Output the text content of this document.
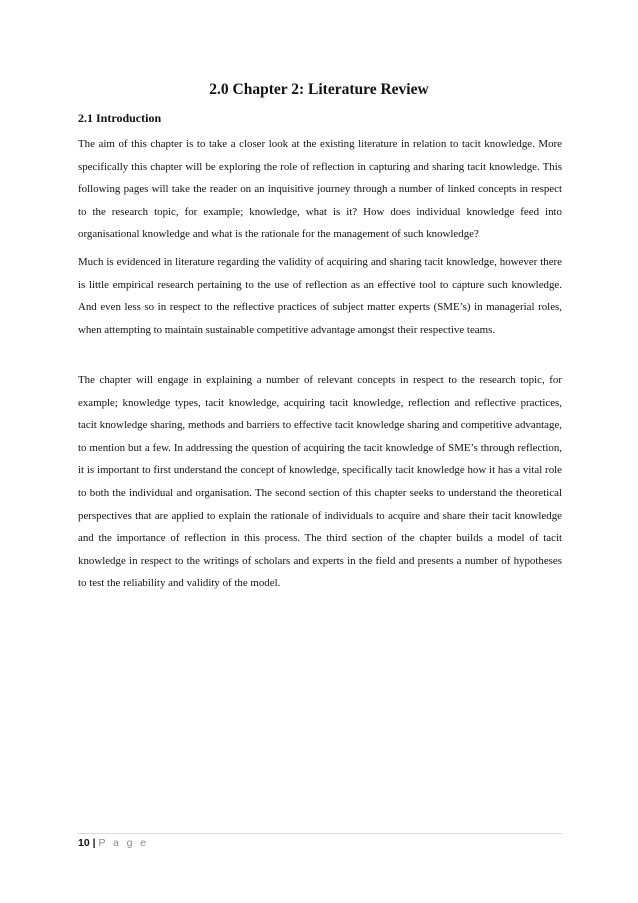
2.0 Chapter 2: Literature Review
2.1 Introduction

The aim of this chapter is to take a closer look at the existing literature in relation to tacit knowledge. More specifically this chapter will be exploring the role of reflection in capturing and sharing tacit knowledge. This following pages will take the reader on an inquisitive journey through a number of linked concepts in respect to the research topic, for example; knowledge, what is it? How does individual knowledge feed into organisational knowledge and what is the rationale for the management of such knowledge?

Much is evidenced in literature regarding the validity of acquiring and sharing tacit knowledge, however there is little empirical research pertaining to the use of reflection as an effective tool to capture such knowledge. And even less so in respect to the reflective practices of subject matter experts (SME’s) in managerial roles, when attempting to maintain sustainable competitive advantage amongst their respective teams.

The chapter will engage in explaining a number of relevant concepts in respect to the research topic, for example; knowledge types, tacit knowledge, acquiring tacit knowledge, reflection and reflective practices, tacit knowledge sharing, methods and barriers to effective tacit knowledge sharing and competitive advantage, to mention but a few. In addressing the question of acquiring the tacit knowledge of SME’s through reflection, it is important to first understand the concept of knowledge, specifically tacit knowledge how it has a vital role to both the individual and organisation. The second section of this chapter seeks to understand the theoretical perspectives that are applied to explain the rationale of individuals to acquire and share their tacit knowledge and the importance of reflection in this process. The third section of the chapter builds a model of tacit knowledge in respect to the writings of scholars and experts in the field and presents a number of hypotheses to test the reliability and validity of the model.

10 | P a g e
